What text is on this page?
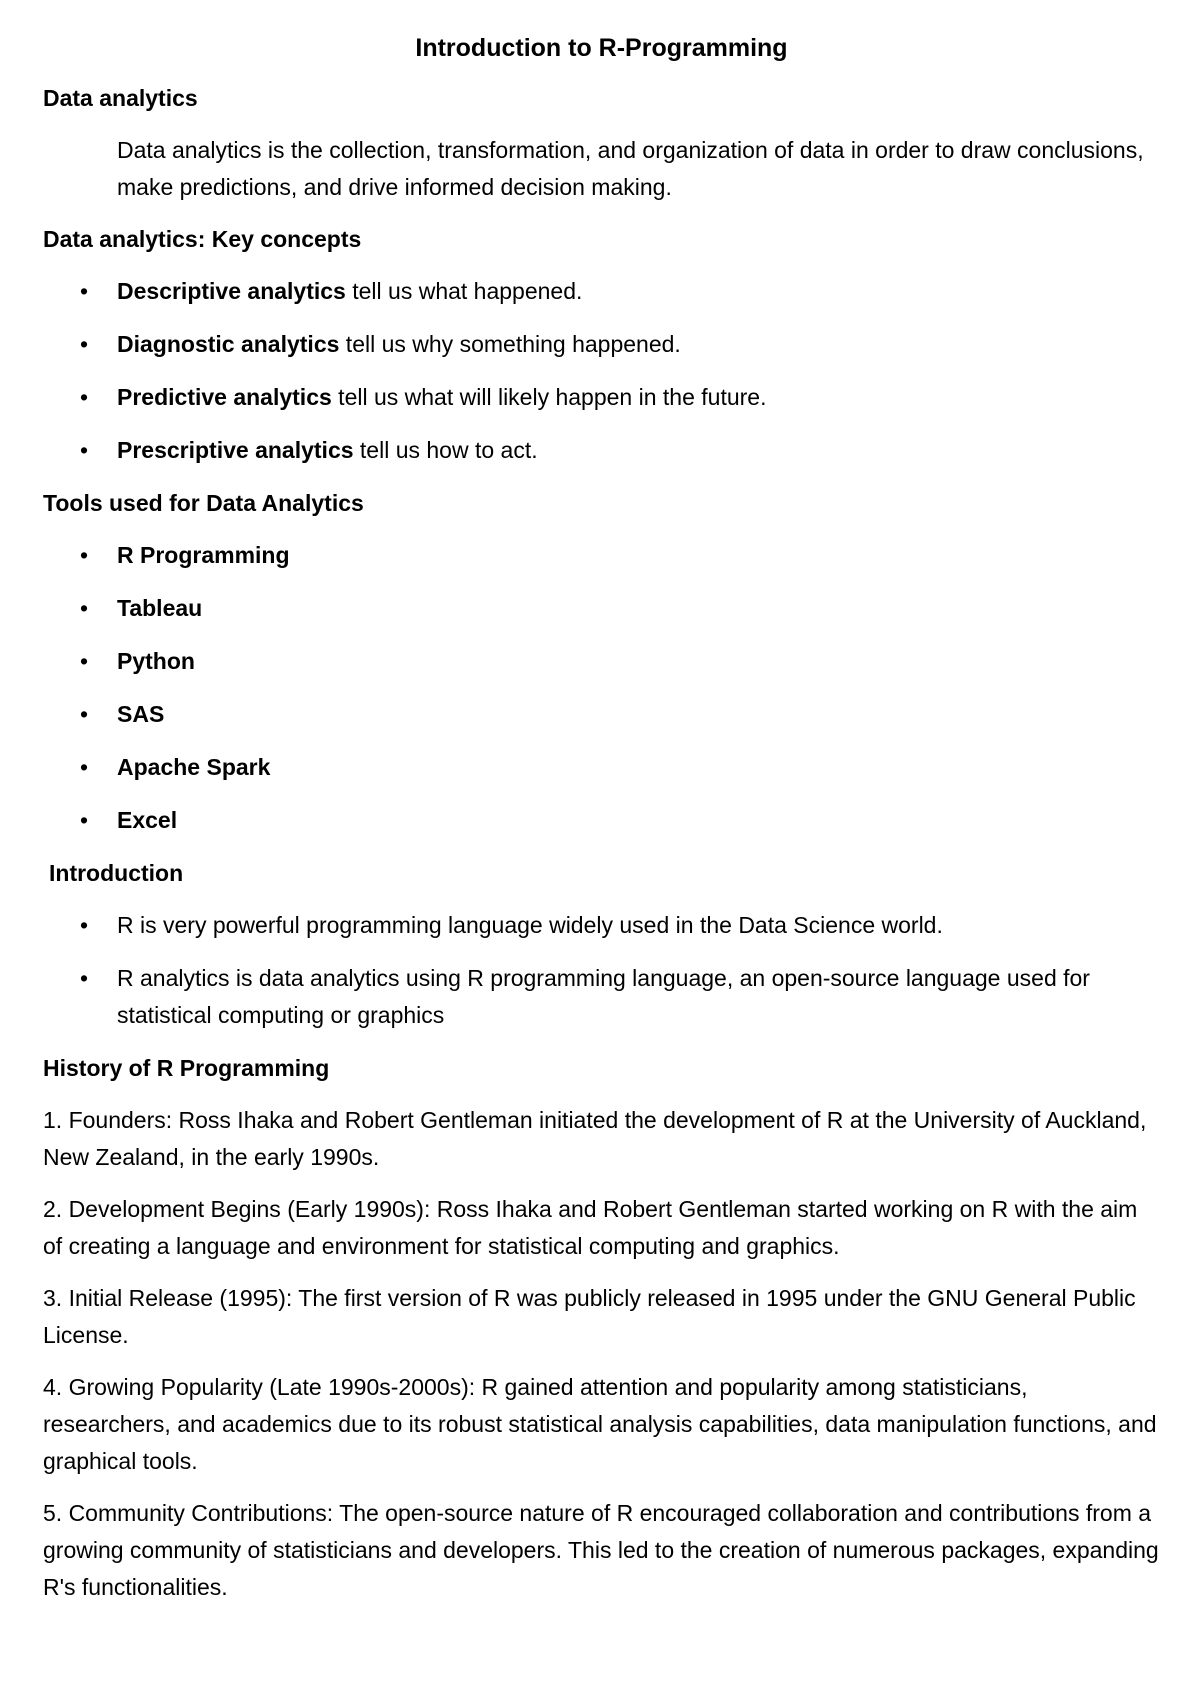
Introduction to R-Programming
Data analytics
Data analytics is the collection, transformation, and organization of data in order to draw conclusions, make predictions, and drive informed decision making.
Data analytics: Key concepts
• Descriptive analytics tell us what happened.
• Diagnostic analytics tell us why something happened.
• Predictive analytics tell us what will likely happen in the future.
• Prescriptive analytics tell us how to act.
Tools used for Data Analytics
• R Programming
• Tableau
• Python
• SAS
• Apache Spark
• Excel
Introduction
• R is very powerful programming language widely used in the Data Science world.
• R analytics is data analytics using R programming language, an open-source language used for statistical computing or graphics
History of R Programming
1. Founders: Ross Ihaka and Robert Gentleman initiated the development of R at the University of Auckland, New Zealand, in the early 1990s.
2. Development Begins (Early 1990s): Ross Ihaka and Robert Gentleman started working on R with the aim of creating a language and environment for statistical computing and graphics.
3. Initial Release (1995): The first version of R was publicly released in 1995 under the GNU General Public License.
4. Growing Popularity (Late 1990s-2000s): R gained attention and popularity among statisticians, researchers, and academics due to its robust statistical analysis capabilities, data manipulation functions, and graphical tools.
5. Community Contributions: The open-source nature of R encouraged collaboration and contributions from a growing community of statisticians and developers. This led to the creation of numerous packages, expanding R's functionalities.
